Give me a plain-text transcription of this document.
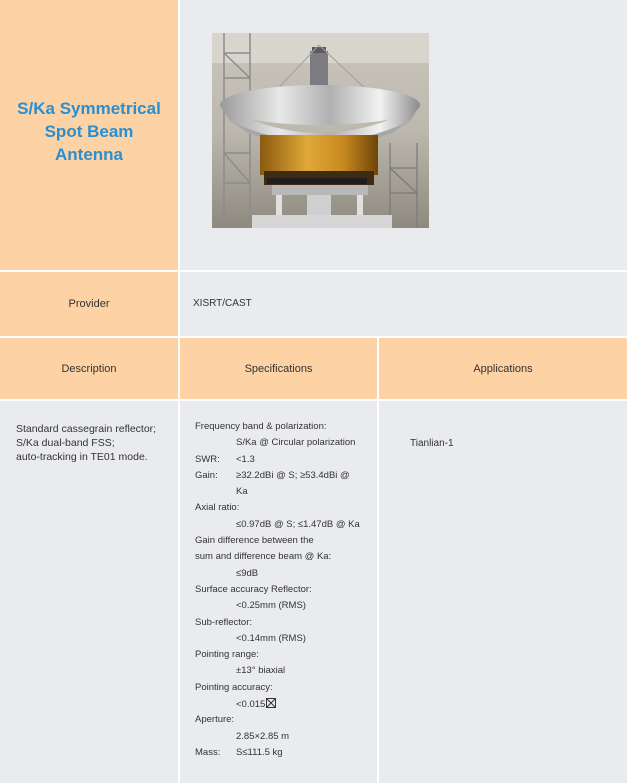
Provider
Description	Specifications	Applications
S/Ka Symmetrical
Spot Beam
Antenna
XISRT/CAST
Standard cassegrain reflector;
S/Ka dual-band FSS;
auto-tracking in TE01 mode.
Frequency band & polarization:
S/Ka @ Circular polarization
SWR: <1.3
Gain: ≥32.2dBi @ S; ≥53.4dBi @
Ka
Axial ratio:
≤0.97dB @ S; ≤1.47dB @ Ka
Gain difference between the
sum and difference beam @ Ka:
≤9dB
Surface accuracy Reflector:
<0.25mm (RMS)
Sub-reflector:
<0.14mm (RMS)
Pointing range:
±13° biaxial
Pointing accuracy:
<0.015
Aperture:
2.85×2.85 m
Mass: S≤111.5 kg
Tianlian-1
